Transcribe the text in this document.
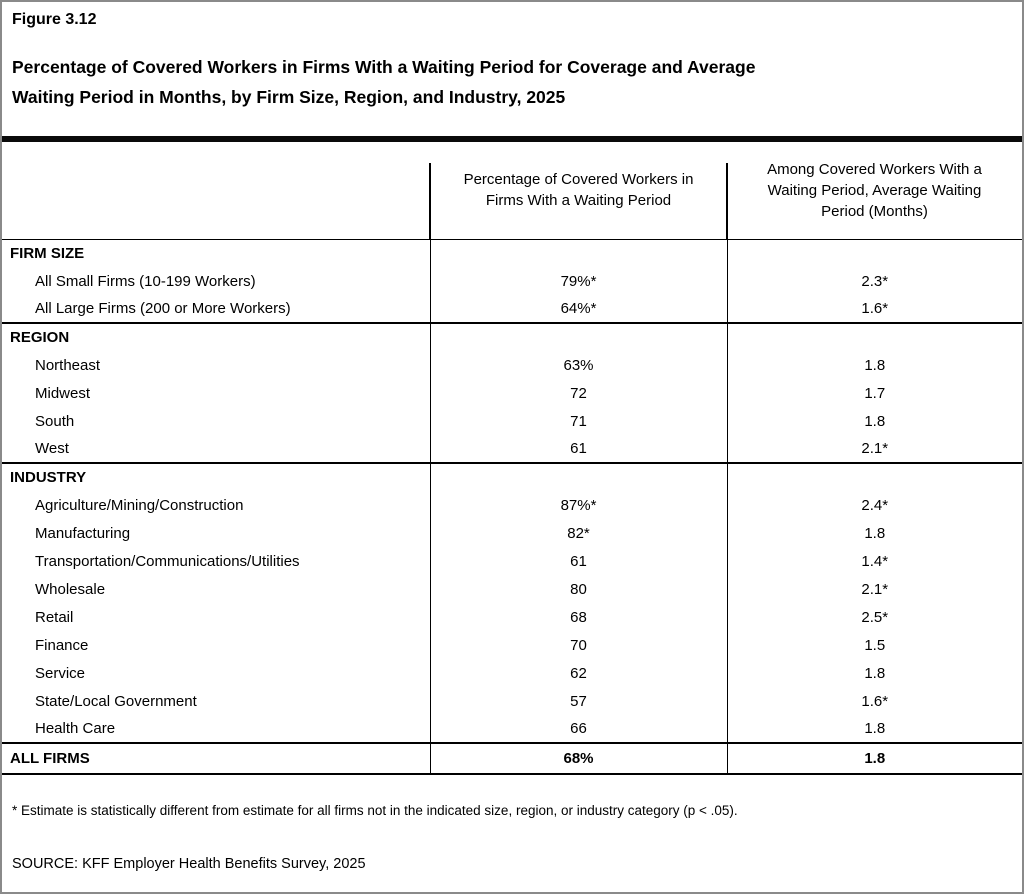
Figure 3.12
Percentage of Covered Workers in Firms With a Waiting Period for Coverage and Average
Waiting Period in Months, by Firm Size, Region, and Industry, 2025
	Percentage of Covered Workers in Firms With a Waiting Period	Among Covered Workers With a Waiting Period, Average Waiting Period (Months)
FIRM SIZE		
All Small Firms (10-199 Workers)	79%*	2.3*
All Large Firms (200 or More Workers)	64%*	1.6*
REGION		
Northeast	63%	1.8
Midwest	72	1.7
South	71	1.8
West	61	2.1*
INDUSTRY		
Agriculture/Mining/Construction	87%*	2.4*
Manufacturing	82*	1.8
Transportation/Communications/Utilities	61	1.4*
Wholesale	80	2.1*
Retail	68	2.5*
Finance	70	1.5
Service	62	1.8
State/Local Government	57	1.6*
Health Care	66	1.8
ALL FIRMS	68%	1.8

* Estimate is statistically different from estimate for all firms not in the indicated size, region, or industry category (p < .05).

SOURCE: KFF Employer Health Benefits Survey, 2025
